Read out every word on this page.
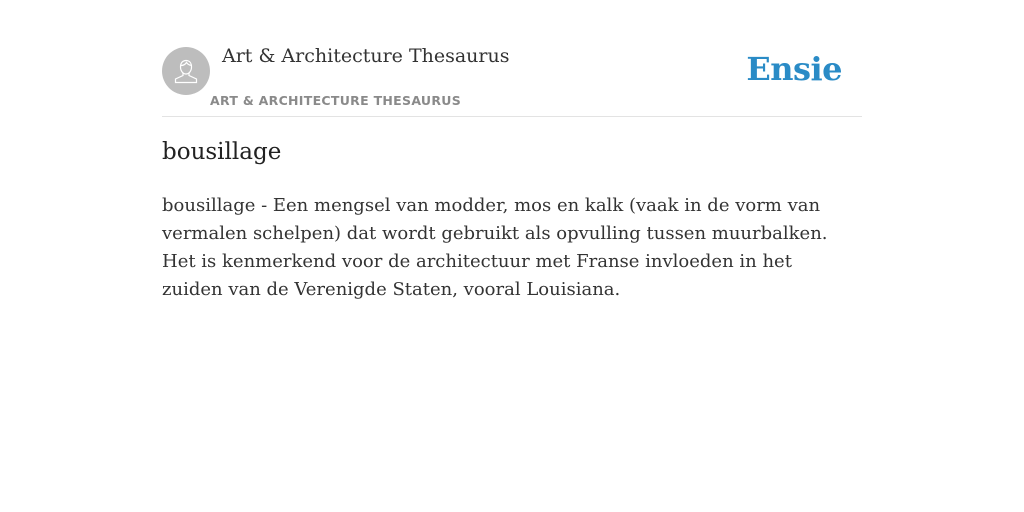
Art & Architecture Thesaurus
ART & ARCHITECTURE THESAURUS
Ensie
bousillage

bousillage - Een mengsel van modder, mos en kalk (vaak in de vorm van vermalen schelpen) dat wordt gebruikt als opvulling tussen muurbalken. Het is kenmerkend voor de architectuur met Franse invloeden in het zuiden van de Verenigde Staten, vooral Louisiana.
